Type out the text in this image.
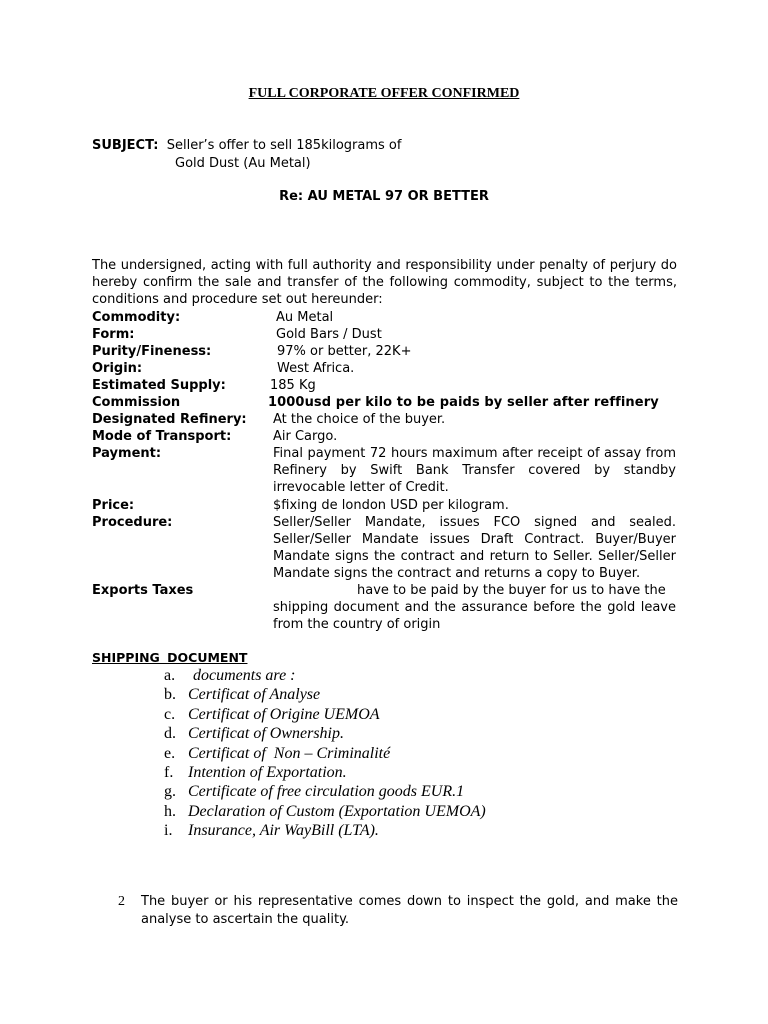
FULL CORPORATE OFFER CONFIRMED
SUBJECT: Seller’s offer to sell 185kilograms of
Gold Dust (Au Metal)
Re: AU METAL 97 OR BETTER
The undersigned, acting with full authority and responsibility under penalty of perjury do hereby confirm the sale and transfer of the following commodity, subject to the terms, conditions and procedure set out hereunder:
Commodity:	Au Metal
Form:	Gold Bars / Dust
Purity/Fineness:	97% or better, 22K+
Origin:	West Africa.
Estimated Supply:	185 Kg
Commission	1000usd per kilo to be paids by seller after reffinery
Designated Refinery: At the choice of the buyer.
Mode of Transport:	Air Cargo.
Payment:	Final payment 72 hours maximum after receipt of assay from Refinery by Swift Bank Transfer covered by standby irrevocable letter of Credit.
Price:	$fixing de london USD per kilogram.
Procedure:	Seller/Seller Mandate, issues FCO signed and sealed. Seller/Seller Mandate issues Draft Contract. Buyer/Buyer Mandate signs the contract and return to Seller. Seller/Seller Mandate signs the contract and returns a copy to Buyer.
Exports Taxes	have to be paid by the buyer for us to have the
shipping document and the assurance before the gold leave from the country of origin
SHIPPING DOCUMENT
a.	documents are :
b. Certificat of Analyse
c. Certificat of Origine UEMOA
d. Certificat of Ownership.
e. Certificat of  Non – Criminalité
f. Intention of Exportation.
g. Certificate of free circulation goods EUR.1
h. Declaration of Custom (Exportation UEMOA)
i. Insurance, Air WayBill (LTA).
2 The buyer or his representative comes down to inspect the gold, and make the analyse to ascertain the quality.
